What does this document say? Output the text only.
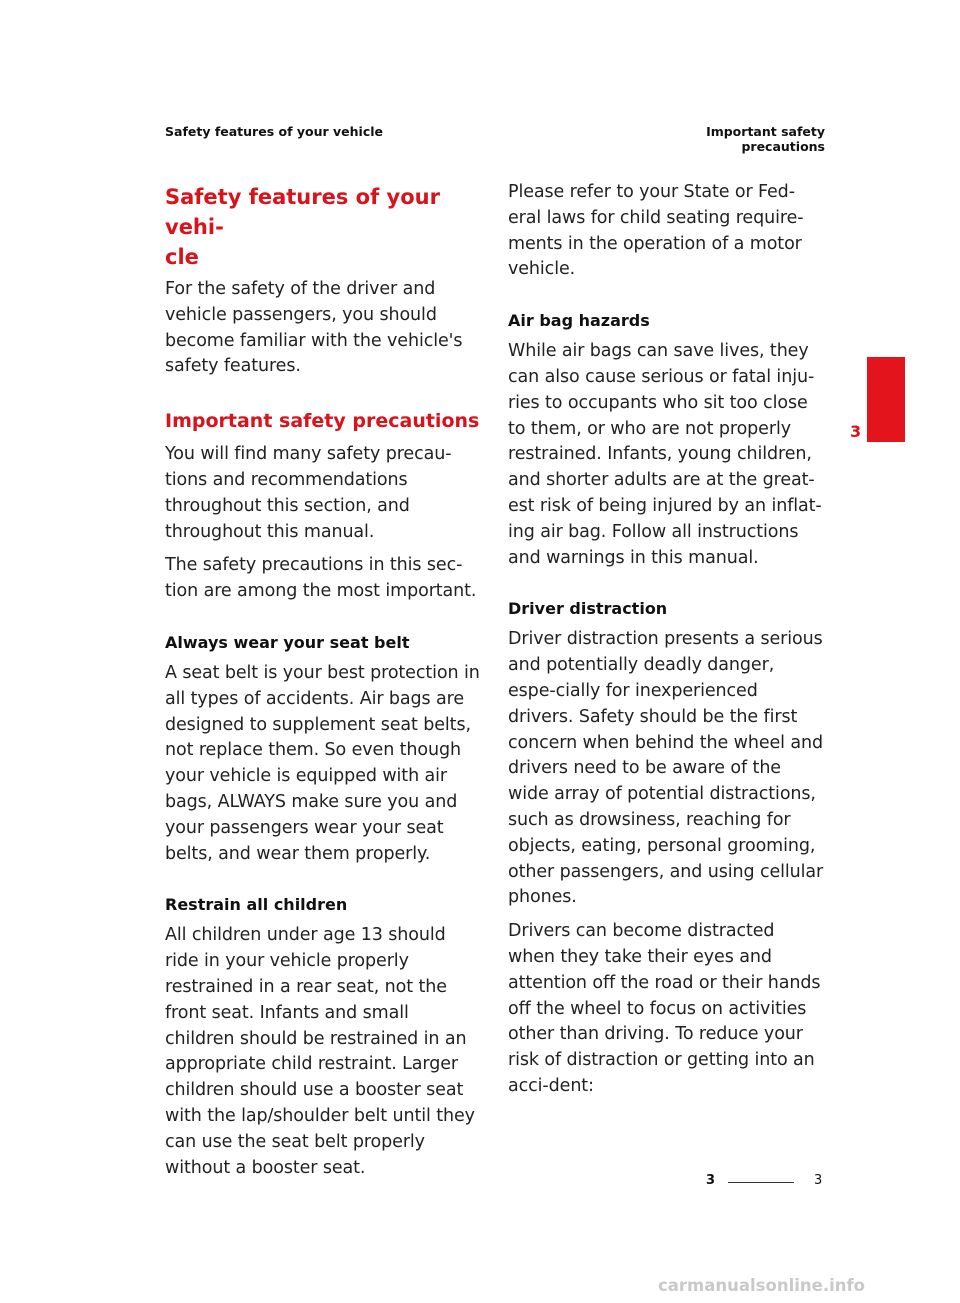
Safety features of your vehicle	Important safety precautions
Safety features of your vehi-
cle

For the safety of the driver and vehicle passengers, you should become familiar with the vehicle's safety features.

Important safety precautions

You will find many safety precau-tions and recommendations throughout this section, and throughout this manual.

The safety precautions in this sec-tion are among the most important.

Always wear your seat belt

A seat belt is your best protection in all types of accidents. Air bags are designed to supplement seat belts, not replace them. So even though your vehicle is equipped with air bags, ALWAYS make sure you and your passengers wear your seat belts, and wear them properly.

Restrain all children

All children under age 13 should ride in your vehicle properly restrained in a rear seat, not the front seat. Infants and small children should be restrained in an appropriate child restraint. Larger children should use a booster seat with the lap/shoulder belt until they can use the seat belt properly without a booster seat.

Please refer to your State or Fed-eral laws for child seating require-ments in the operation of a motor vehicle.

Air bag hazards

While air bags can save lives, they can also cause serious or fatal inju-ries to occupants who sit too close to them, or who are not properly restrained. Infants, young children, and shorter adults are at the great-est risk of being injured by an inflat-ing air bag. Follow all instructions and warnings in this manual.

Driver distraction

Driver distraction presents a serious and potentially deadly danger, espe-cially for inexperienced drivers. Safety should be the first concern when behind the wheel and drivers need to be aware of the wide array of potential distractions, such as drowsiness, reaching for objects, eating, personal grooming, other passengers, and using cellular phones.

Drivers can become distracted when they take their eyes and attention off the road or their hands off the wheel to focus on activities other than driving. To reduce your risk of distraction or getting into an acci-dent:

3
3	3
carmanualsonline.info
